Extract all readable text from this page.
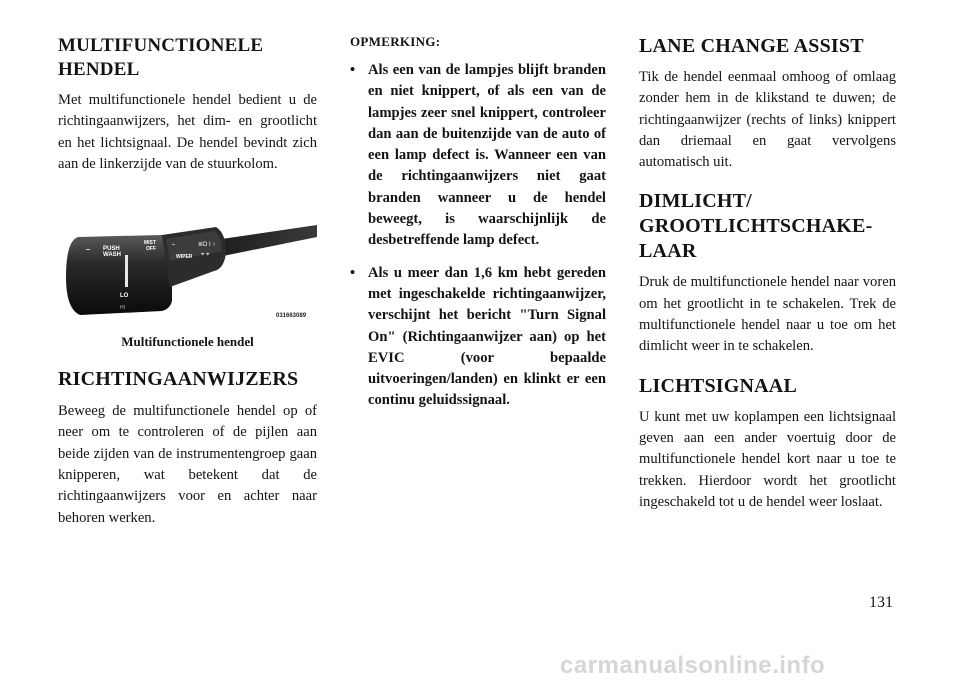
MULTIFUNCTIONELE
HENDEL

Met multifunctionele hendel bedient u de richtingaanwijzers, het dim- en grootlicht en het lichtsignaal. De hendel bevindt zich aan de linkerzijde van de stuurkolom.

⎓ PUSH
WASH
MIST
OFF
⌁
WIPER
≣D I ↑
⌖ ⌖
LO
HI
031663089
Multifunctionele hendel
RICHTINGAANWIJZERS

Beweeg de multifunctionele hendel op of neer om te controleren of de pijlen aan beide zijden van de instrumentengroep gaan knipperen, wat betekent dat de richtingaanwijzers voor en achter naar behoren werken.

OPMERKING:
• Als een van de lampjes blijft branden en niet knippert, of als een van de lampjes zeer snel knippert, controleer dan aan de buitenzijde van de auto of een lamp defect is. Wanneer een van de richtingaanwijzers niet gaat branden wanneer u de hendel beweegt, is waarschijnlijk de desbetreffende lamp defect.
• Als u meer dan 1,6 km hebt gereden met ingeschakelde richtingaanwijzer, verschijnt het bericht "Turn Signal On" (Richtingaanwijzer aan) op het EVIC (voor bepaalde uitvoeringen/landen) en klinkt er een continu geluidssignaal.
LANE CHANGE ASSIST

Tik de hendel eenmaal omhoog of omlaag zonder hem in de klikstand te duwen; de richtingaanwijzer (rechts of links) knippert dan driemaal en gaat vervolgens automatisch uit.

DIMLICHT/
GROOTLICHTSCHAKE-
LAAR

Druk de multifunctionele hendel naar voren om het grootlicht in te schakelen. Trek de multifunctionele hendel naar u toe om het dimlicht weer in te schakelen.

LICHTSIGNAAL

U kunt met uw koplampen een lichtsignaal geven aan een ander voertuig door de multifunctionele hendel kort naar u toe te trekken. Hierdoor wordt het grootlicht ingeschakeld tot u de hendel weer loslaat.

131
carmanualsonline.info
